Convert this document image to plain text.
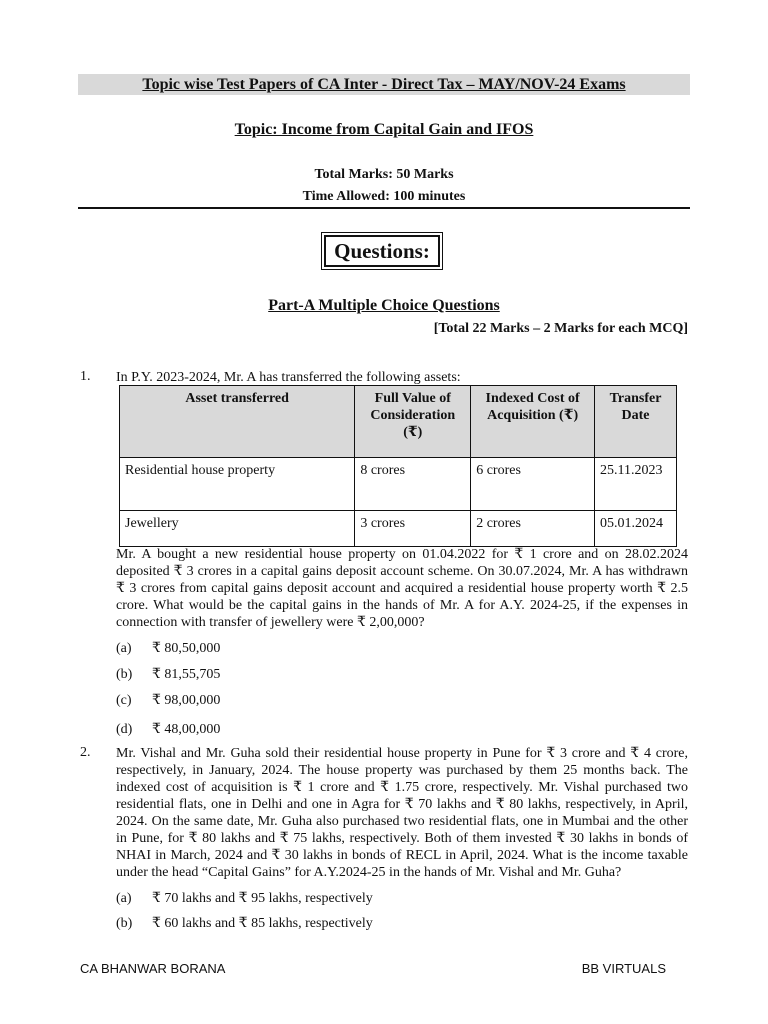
Topic wise Test Papers of CA Inter - Direct Tax – MAY/NOV-24 Exams
Topic: Income from Capital Gain and IFOS
Total Marks: 50 Marks
Time Allowed: 100 minutes
Questions:
Part-A Multiple Choice Questions
[Total 22 Marks – 2 Marks for each MCQ]
1. In P.Y. 2023-2024, Mr. A has transferred the following assets:
Asset transferred	Full Value of Consideration (₹)	Indexed Cost of Acquisition (₹)	Transfer Date
Residential house property	8 crores	6 crores	25.11.2023
Jewellery	3 crores	2 crores	05.01.2024
Mr. A bought a new residential house property on 01.04.2022 for ₹ 1 crore and on 28.02.2024 deposited ₹ 3 crores in a capital gains deposit account scheme. On 30.07.2024, Mr. A has withdrawn ₹ 3 crores from capital gains deposit account and acquired a residential house property worth ₹ 2.5 crore. What would be the capital gains in the hands of Mr. A for A.Y. 2024-25, if the expenses in connection with transfer of jewellery were ₹ 2,00,000?
(a) ₹ 80,50,000
(b) ₹ 81,55,705
(c) ₹ 98,00,000
(d) ₹ 48,00,000
2. Mr. Vishal and Mr. Guha sold their residential house property in Pune for ₹ 3 crore and ₹ 4 crore, respectively, in January, 2024. The house property was purchased by them 25 months back. The indexed cost of acquisition is ₹ 1 crore and ₹ 1.75 crore, respectively. Mr. Vishal purchased two residential flats, one in Delhi and one in Agra for ₹ 70 lakhs and ₹ 80 lakhs, respectively, in April, 2024. On the same date, Mr. Guha also purchased two residential flats, one in Mumbai and the other in Pune, for ₹ 80 lakhs and ₹ 75 lakhs, respectively. Both of them invested ₹ 30 lakhs in bonds of NHAI in March, 2024 and ₹ 30 lakhs in bonds of RECL in April, 2024. What is the income taxable under the head “Capital Gains” for A.Y.2024-25 in the hands of Mr. Vishal and Mr. Guha?
(a) ₹ 70 lakhs and ₹ 95 lakhs, respectively
(b) ₹ 60 lakhs and ₹ 85 lakhs, respectively
CA BHANWAR BORANA	BB VIRTUALS
